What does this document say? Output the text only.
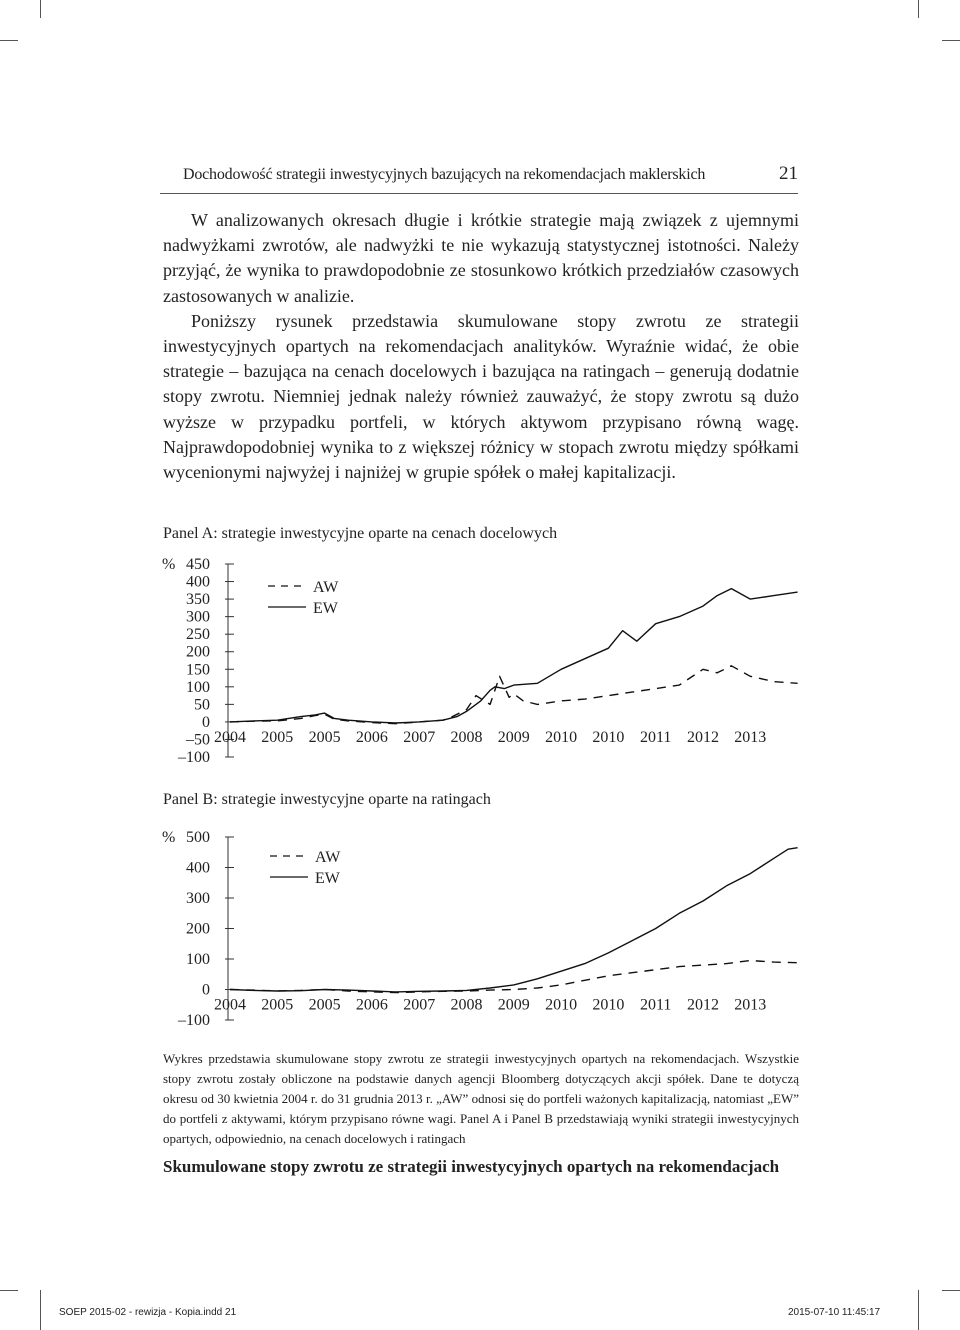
Dochodowość strategii inwestycyjnych bazujących na rekomendacjach maklerskich	21

W analizowanych okresach długie i krótkie strategie mają związek z ujemnymi nadwyżkami zwrotów, ale nadwyżki te nie wykazują statystycznej istotności. Należy przyjąć, że wynika to prawdopodobnie ze stosunkowo krótkich przedziałów czasowych zastosowanych w analizie.

Poniższy rysunek przedstawia skumulowane stopy zwrotu ze strategii inwestycyjnych opartych na rekomendacjach analityków. Wyraźnie widać, że obie strategie – bazująca na cenach docelowych i bazująca na ratingach – generują dodatnie stopy zwrotu. Niemniej jednak należy również zauważyć, że stopy zwrotu są dużo wyższe w przypadku portfeli, w których aktywom przypisano równą wagę. Najprawdopodobniej wynika to z większej różnicy w stopach zwrotu między spółkami wycenionymi najwyżej i najniżej w grupie spółek o małej kapitalizacji.

Panel A: strategie inwestycyjne oparte na cenach docelowych
–100
–50
0
50
100
150
200
250
300
350
400
450
%
2004 2005 2005 2006 2007 2008 2009 2010 2010 2011 2012 2013
AW
EW
Panel B: strategie inwestycyjne oparte na ratingach
–100
0
100
200
300
400
500
%
2004 2005 2005 2006 2007 2008 2009 2010 2010 2011 2012 2013
AW
EW
Wykres przedstawia skumulowane stopy zwrotu ze strategii inwestycyjnych opartych na rekomendacjach. Wszystkie stopy zwrotu zostały obliczone na podstawie danych agencji Bloomberg dotyczących akcji spółek. Dane te dotyczą okresu od 30 kwietnia 2004 r. do 31 grudnia 2013 r. „AW” odnosi się do portfeli ważonych kapitalizacją, natomiast „EW” do portfeli z aktywami, którym przypisano równe wagi. Panel A i Panel B przedstawiają wyniki strategii inwestycyjnych opartych, odpowiednio, na cenach docelowych i ratingach
Skumulowane stopy zwrotu ze strategii inwestycyjnych opartych na rekomendacjach
SOEP 2015-02 - rewizja - Kopia.indd 21	2015-07-10 11:45:17
